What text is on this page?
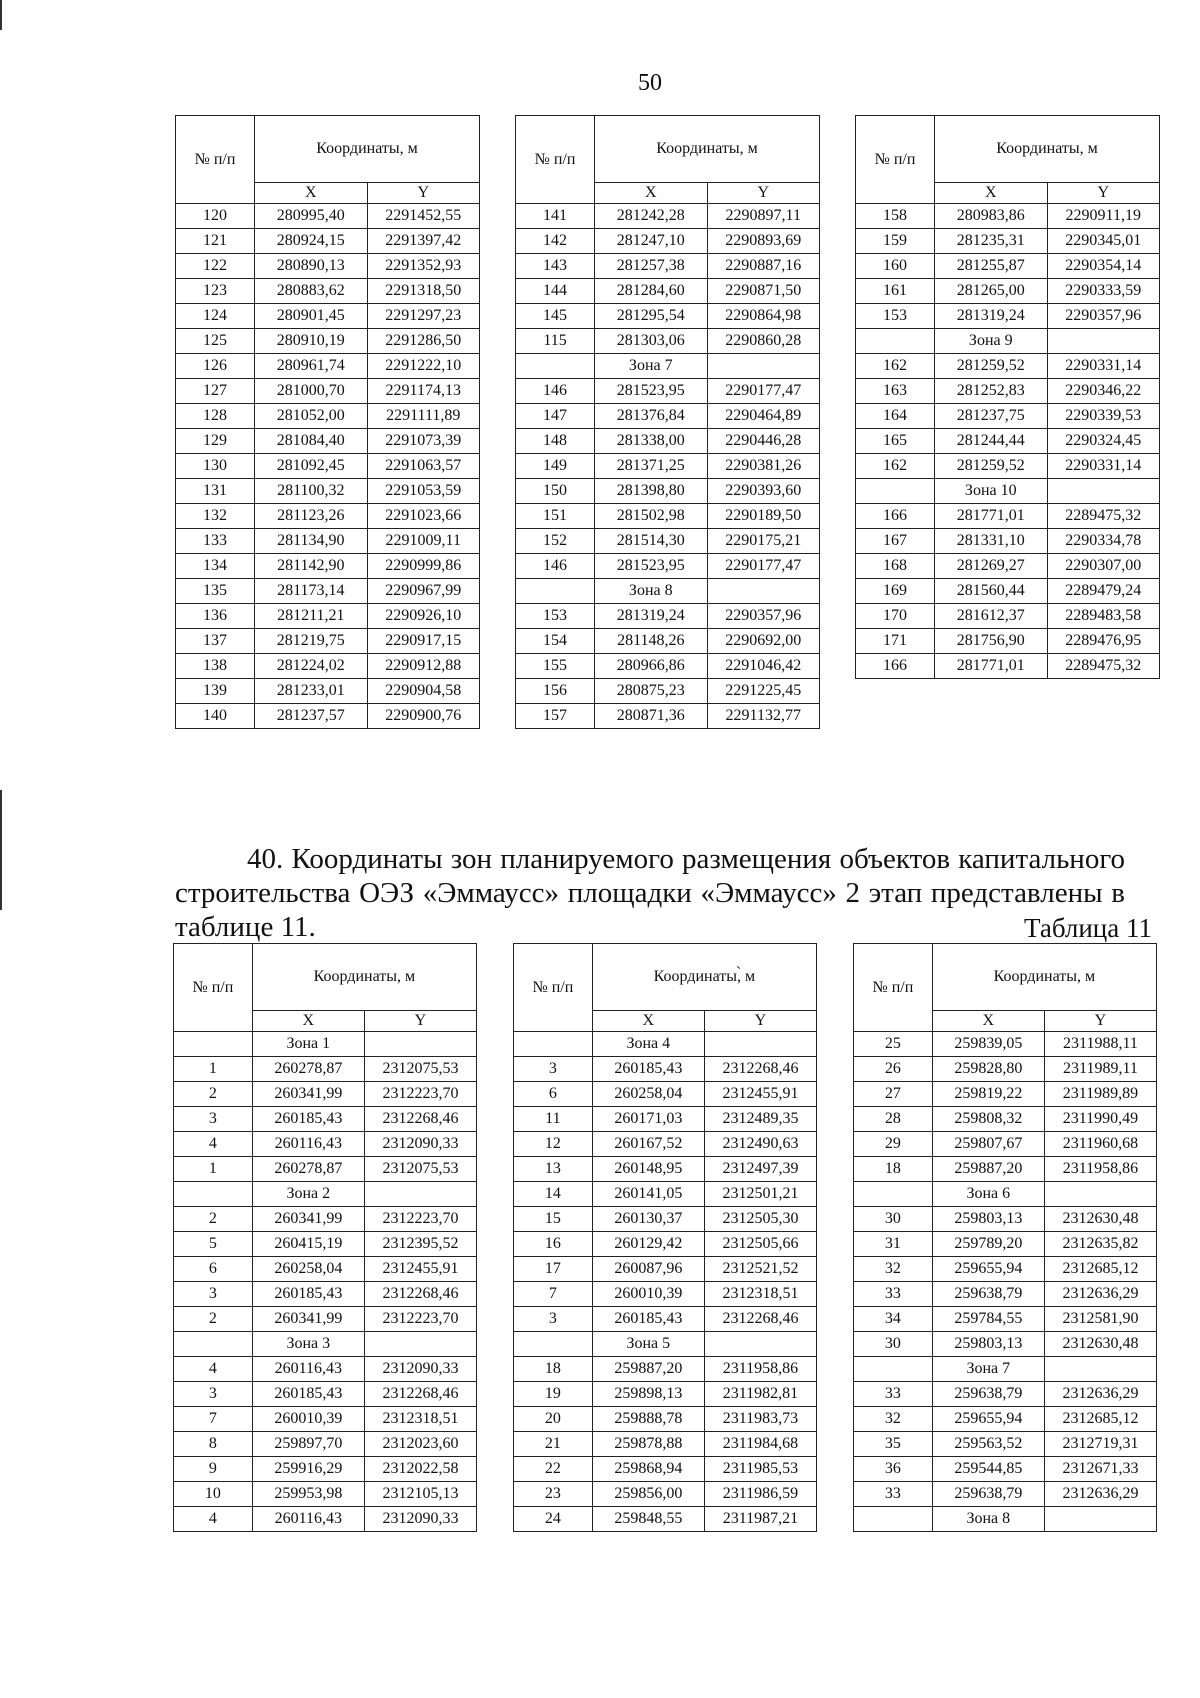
50
№ п/п	Координаты, м	
	X	Y
120	280995,40	2291452,55
121	280924,15	2291397,42
122	280890,13	2291352,93
123	280883,62	2291318,50
124	280901,45	2291297,23
125	280910,19	2291286,50
126	280961,74	2291222,10
127	281000,70	2291174,13
128	281052,00	2291111,89
129	281084,40	2291073,39
130	281092,45	2291063,57
131	281100,32	2291053,59
132	281123,26	2291023,66
133	281134,90	2291009,11
134	281142,90	2290999,86
135	281173,14	2290967,99
136	281211,21	2290926,10
137	281219,75	2290917,15
138	281224,02	2290912,88
139	281233,01	2290904,58
140	281237,57	2290900,76
№ п/п	Координаты, м	
	X	Y
141	281242,28	2290897,11
142	281247,10	2290893,69
143	281257,38	2290887,16
144	281284,60	2290871,50
145	281295,54	2290864,98
115	281303,06	2290860,28
	Зона 7	
146	281523,95	2290177,47
147	281376,84	2290464,89
148	281338,00	2290446,28
149	281371,25	2290381,26
150	281398,80	2290393,60
151	281502,98	2290189,50
152	281514,30	2290175,21
146	281523,95	2290177,47
	Зона 8	
153	281319,24	2290357,96
154	281148,26	2290692,00
155	280966,86	2291046,42
156	280875,23	2291225,45
157	280871,36	2291132,77
№ п/п	Координаты, м	
	X	Y
158	280983,86	2290911,19
159	281235,31	2290345,01
160	281255,87	2290354,14
161	281265,00	2290333,59
153	281319,24	2290357,96
	Зона 9	
162	281259,52	2290331,14
163	281252,83	2290346,22
164	281237,75	2290339,53
165	281244,44	2290324,45
162	281259,52	2290331,14
	Зона 10	
166	281771,01	2289475,32
167	281331,10	2290334,78
168	281269,27	2290307,00
169	281560,44	2289479,24
170	281612,37	2289483,58
171	281756,90	2289476,95
166	281771,01	2289475,32

40. Координаты зон планируемого размещения объектов капитального строительства ОЭЗ «Эммаусс» площадки «Эммаусс» 2 этап представлены в таблице 11.	Таблица 11
№ п/п	Координаты, м	
	X	Y
	Зона 1	
1	260278,87	2312075,53
2	260341,99	2312223,70
3	260185,43	2312268,46
4	260116,43	2312090,33
1	260278,87	2312075,53
	Зона 2	
2	260341,99	2312223,70
5	260415,19	2312395,52
6	260258,04	2312455,91
3	260185,43	2312268,46
2	260341,99	2312223,70
	Зона 3	
4	260116,43	2312090,33
3	260185,43	2312268,46
7	260010,39	2312318,51
8	259897,70	2312023,60
9	259916,29	2312022,58
10	259953,98	2312105,13
4	260116,43	2312090,33
№ п/п	Координаты,̀ м	
	X	Y
	Зона 4	
3	260185,43	2312268,46
6	260258,04	2312455,91
11	260171,03	2312489,35
12	260167,52	2312490,63
13	260148,95	2312497,39
14	260141,05	2312501,21
15	260130,37	2312505,30
16	260129,42	2312505,66
17	260087,96	2312521,52
7	260010,39	2312318,51
3	260185,43	2312268,46
	Зона 5	
18	259887,20	2311958,86
19	259898,13	2311982,81
20	259888,78	2311983,73
21	259878,88	2311984,68
22	259868,94	2311985,53
23	259856,00	2311986,59
24	259848,55	2311987,21
№ п/п	Координаты, м	
	X	Y
25	259839,05	2311988,11
26	259828,80	2311989,11
27	259819,22	2311989,89
28	259808,32	2311990,49
29	259807,67	2311960,68
18	259887,20	2311958,86
	Зона 6	
30	259803,13	2312630,48
31	259789,20	2312635,82
32	259655,94	2312685,12
33	259638,79	2312636,29
34	259784,55	2312581,90
30	259803,13	2312630,48
	Зона 7	
33	259638,79	2312636,29
32	259655,94	2312685,12
35	259563,52	2312719,31
36	259544,85	2312671,33
33	259638,79	2312636,29
	Зона 8	
